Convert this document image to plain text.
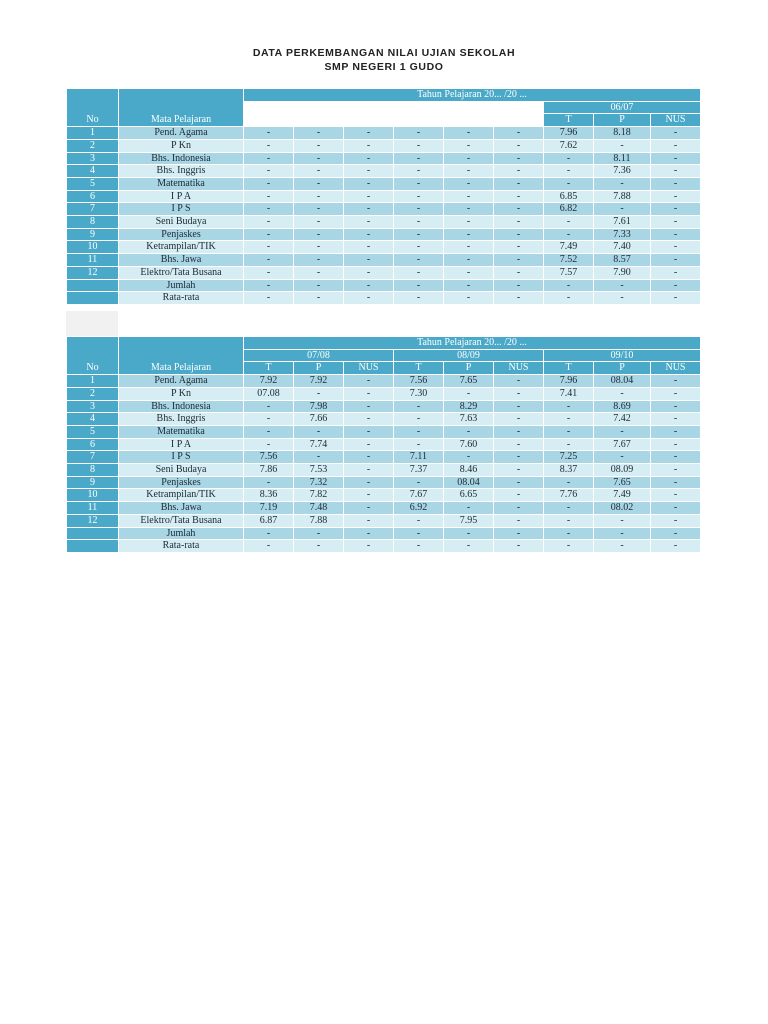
DATA PERKEMBANGAN NILAI UJIAN SEKOLAH
SMP NEGERI 1 GUDO
No	Mata Pelajaran	Tahun Pelajaran 20... /20 ...								
								06/07		
								T	P	NUS
1	Pend. Agama	-	-	-	-	-	-	7.96	8.18	-
2	P Kn	-	-	-	-	-	-	7.62	-	-
3	Bhs. Indonesia	-	-	-	-	-	-	-	8.11	-
4	Bhs. Inggris	-	-	-	-	-	-	-	7.36	-
5	Matematika	-	-	-	-	-	-	-	-	-
6	I P A	-	-	-	-	-	-	6.85	7.88	-
7	I P S	-	-	-	-	-	-	6.82	-	-
8	Seni Budaya	-	-	-	-	-	-	-	7.61	-
9	Penjaskes	-	-	-	-	-	-	-	7.33	-
10	Ketrampilan/TIK	-	-	-	-	-	-	7.49	7.40	-
11	Bhs. Jawa	-	-	-	-	-	-	7.52	8.57	-
12	Elektro/Tata Busana	-	-	-	-	-	-	7.57	7.90	-
	Jumlah	-	-	-	-	-	-	-	-	-
	Rata-rata	-	-	-	-	-	-	-	-	-
No	Mata Pelajaran	Tahun Pelajaran 20... /20 ...								
		07/08			08/09			09/10		
		T	P	NUS	T	P	NUS	T	P	NUS
1	Pend. Agama	7.92	7.92	-	7.56	7.65	-	7.96	08.04	-
2	P Kn	07.08	-	-	7.30	-	-	7.41	-	-
3	Bhs. Indonesia	-	7.98	-	-	8.29	-	-	8.69	-
4	Bhs. Inggris	-	7.66	-	-	7.63	-	-	7.42	-
5	Matematika	-	-	-	-	-	-	-	-	-
6	I P A	-	7.74	-	-	7.60	-	-	7.67	-
7	I P S	7.56	-	-	7.11	-	-	7.25	-	-
8	Seni Budaya	7.86	7.53	-	7.37	8.46	-	8.37	08.09	-
9	Penjaskes	-	7.32	-	-	08.04	-	-	7.65	-
10	Ketrampilan/TIK	8.36	7.82	-	7.67	6.65	-	7.76	7.49	-
11	Bhs. Jawa	7.19	7.48	-	6.92	-	-	-	08.02	-
12	Elektro/Tata Busana	6.87	7.88	-	-	7.95	-	-	-	-
	Jumlah	-	-	-	-	-	-	-	-	-
	Rata-rata	-	-	-	-	-	-	-	-	-
